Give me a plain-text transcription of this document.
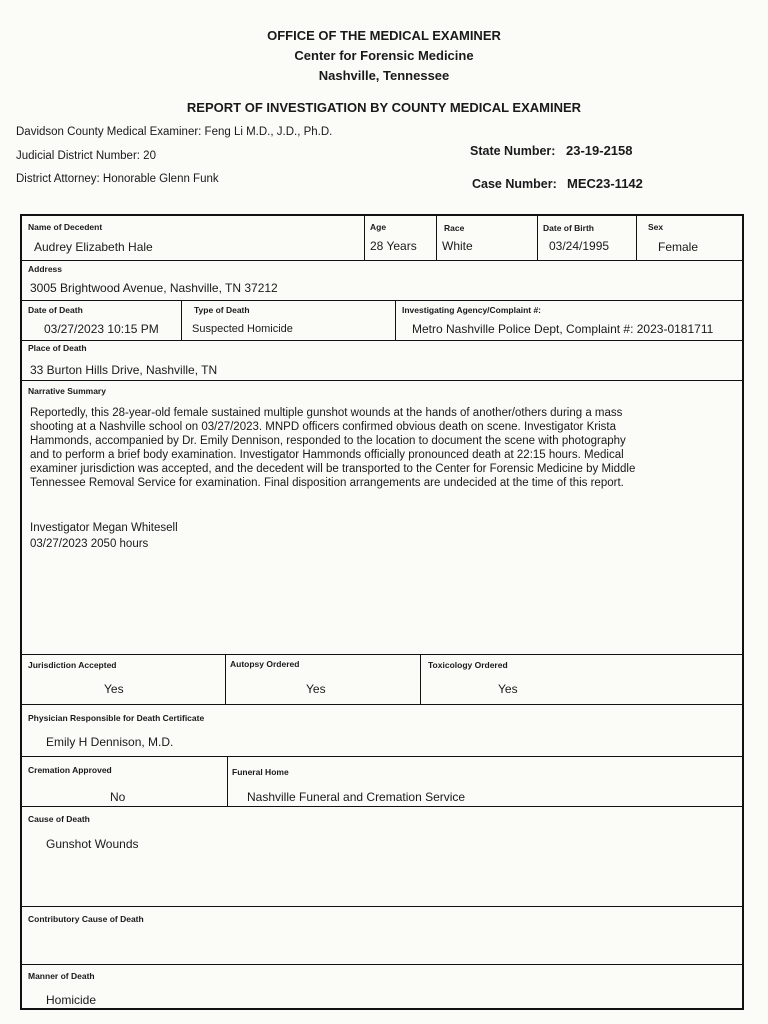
OFFICE OF THE MEDICAL EXAMINER
Center for Forensic Medicine
Nashville, Tennessee
REPORT OF INVESTIGATION BY COUNTY MEDICAL EXAMINER
Davidson County Medical Examiner: Feng Li M.D., J.D., Ph.D.
Judicial District Number: 20
District Attorney: Honorable Glenn Funk
State Number: 23-19-2158
Case Number: MEC23-1142
Name of Decedent
Audrey Elizabeth Hale
Age
28 Years
Race
White
Date of Birth
03/24/1995
Sex
Female
Address
3005 Brightwood Avenue, Nashville, TN 37212
Date of Death
03/27/2023 10:15 PM
Type of Death
Suspected Homicide
Investigating Agency/Complaint #:
Metro Nashville Police Dept, Complaint #: 2023-0181711
Place of Death
33 Burton Hills Drive, Nashville, TN
Narrative Summary
Reportedly, this 28-year-old female sustained multiple gunshot wounds at the hands of another/others during a mass shooting at a Nashville school on 03/27/2023. MNPD officers confirmed obvious death on scene. Investigator Krista Hammonds, accompanied by Dr. Emily Dennison, responded to the location to document the scene with photography and to perform a brief body examination. Investigator Hammonds officially pronounced death at 22:15 hours. Medical examiner jurisdiction was accepted, and the decedent will be transported to the Center for Forensic Medicine by Middle Tennessee Removal Service for examination. Final disposition arrangements are undecided at the time of this report.
Investigator Megan Whitesell
03/27/2023 2050 hours
Jurisdiction Accepted
Yes
Autopsy Ordered
Yes
Toxicology Ordered
Yes
Physician Responsible for Death Certificate
Emily H Dennison, M.D.
Cremation Approved
No
Funeral Home
Nashville Funeral and Cremation Service
Cause of Death
Gunshot Wounds
Contributory Cause of Death
Manner of Death
Homicide
